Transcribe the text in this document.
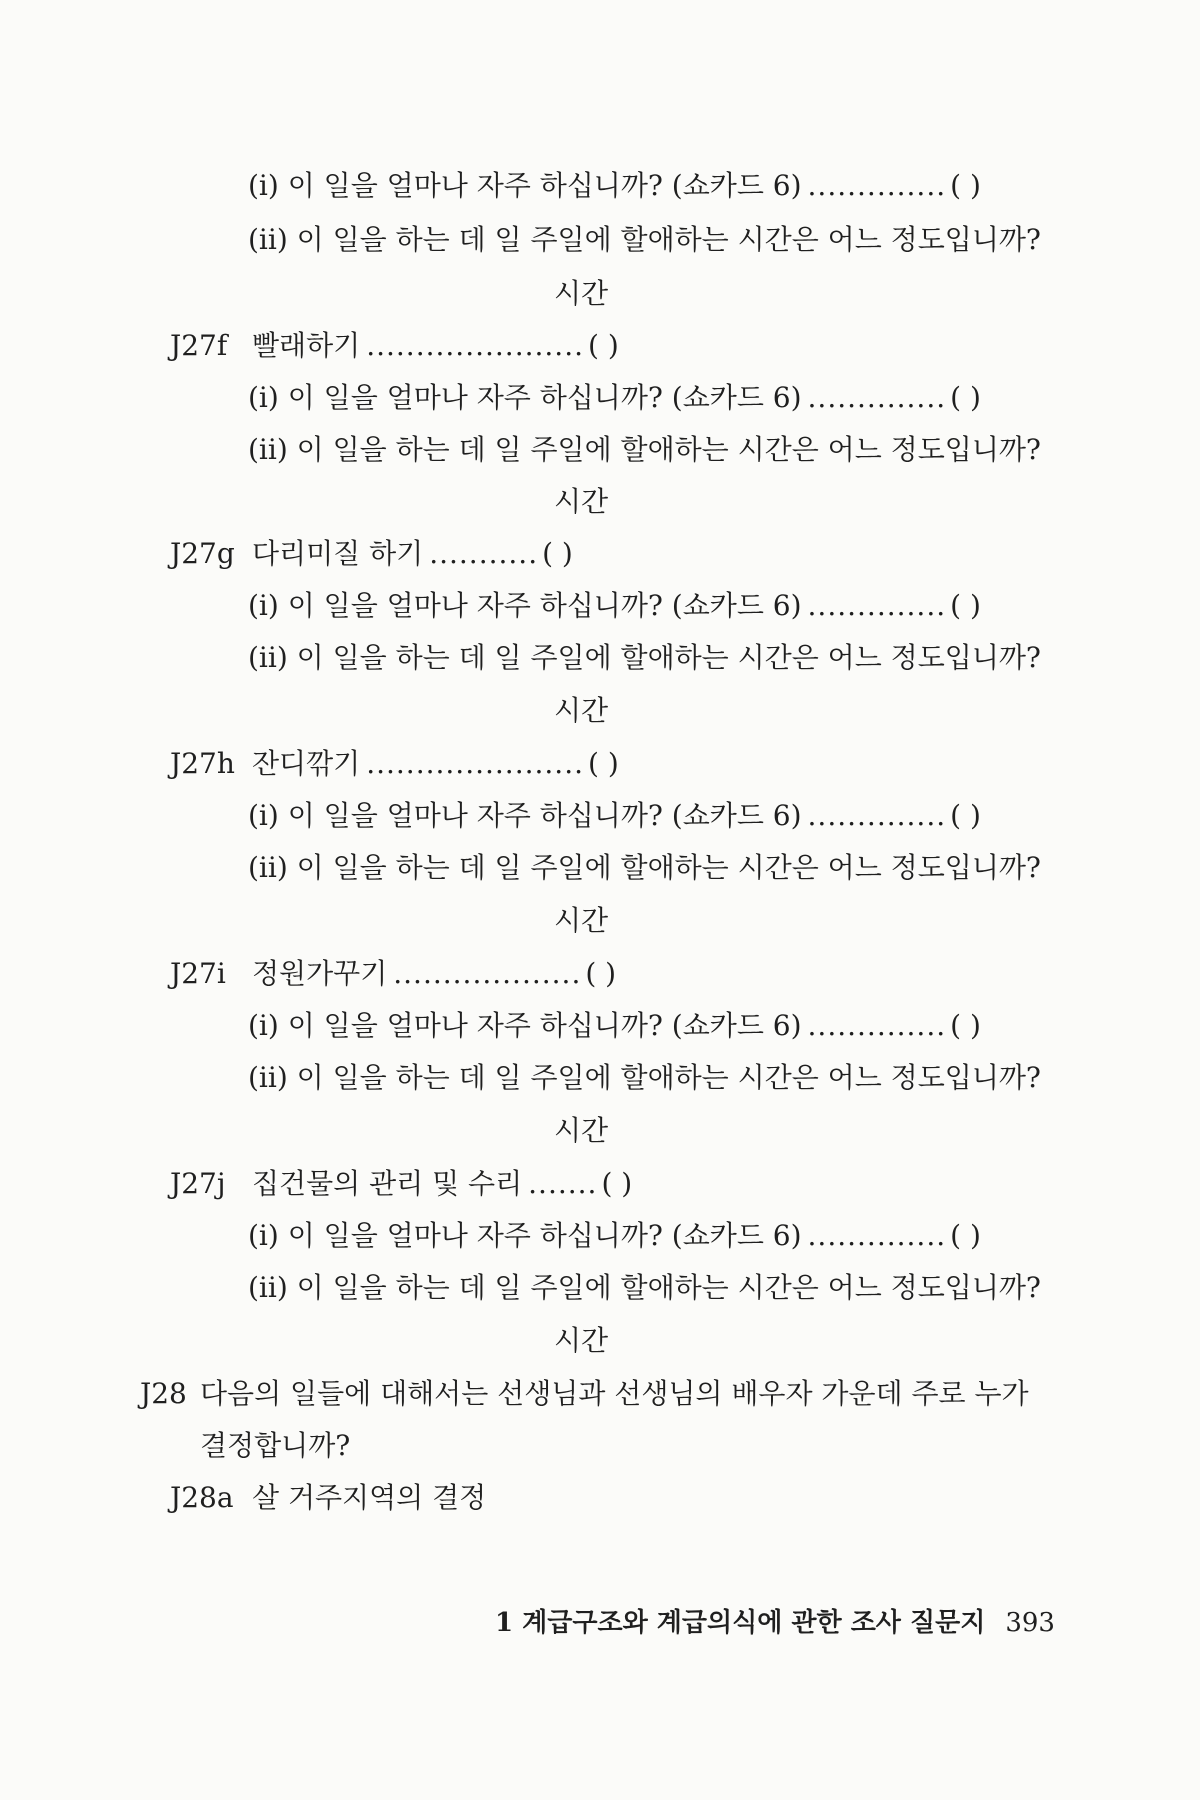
(i) 이 일을 얼마나 자주 하십니까? (쇼카드 6) .............. ( )
(ii) 이 일을 하는 데 일 주일에 할애하는 시간은 어느 정도입니까?
시간
J27f 빨래하기 ...................... ( )
(i) 이 일을 얼마나 자주 하십니까? (쇼카드 6) .............. ( )
(ii) 이 일을 하는 데 일 주일에 할애하는 시간은 어느 정도입니까?
시간
J27g 다리미질 하기 ........... ( )
(i) 이 일을 얼마나 자주 하십니까? (쇼카드 6) .............. ( )
(ii) 이 일을 하는 데 일 주일에 할애하는 시간은 어느 정도입니까?
시간
J27h 잔디깎기 ...................... ( )
(i) 이 일을 얼마나 자주 하십니까? (쇼카드 6) .............. ( )
(ii) 이 일을 하는 데 일 주일에 할애하는 시간은 어느 정도입니까?
시간
J27i 정원가꾸기 ................... ( )
(i) 이 일을 얼마나 자주 하십니까? (쇼카드 6) .............. ( )
(ii) 이 일을 하는 데 일 주일에 할애하는 시간은 어느 정도입니까?
시간
J27j 집건물의 관리 및 수리 ....... ( )
(i) 이 일을 얼마나 자주 하십니까? (쇼카드 6) .............. ( )
(ii) 이 일을 하는 데 일 주일에 할애하는 시간은 어느 정도입니까?
시간
J28 다음의 일들에 대해서는 선생님과 선생님의 배우자 가운데 주로 누가
결정합니까?
J28a 살 거주지역의 결정
1 계급구조와 계급의식에 관한 조사 질문지 393
